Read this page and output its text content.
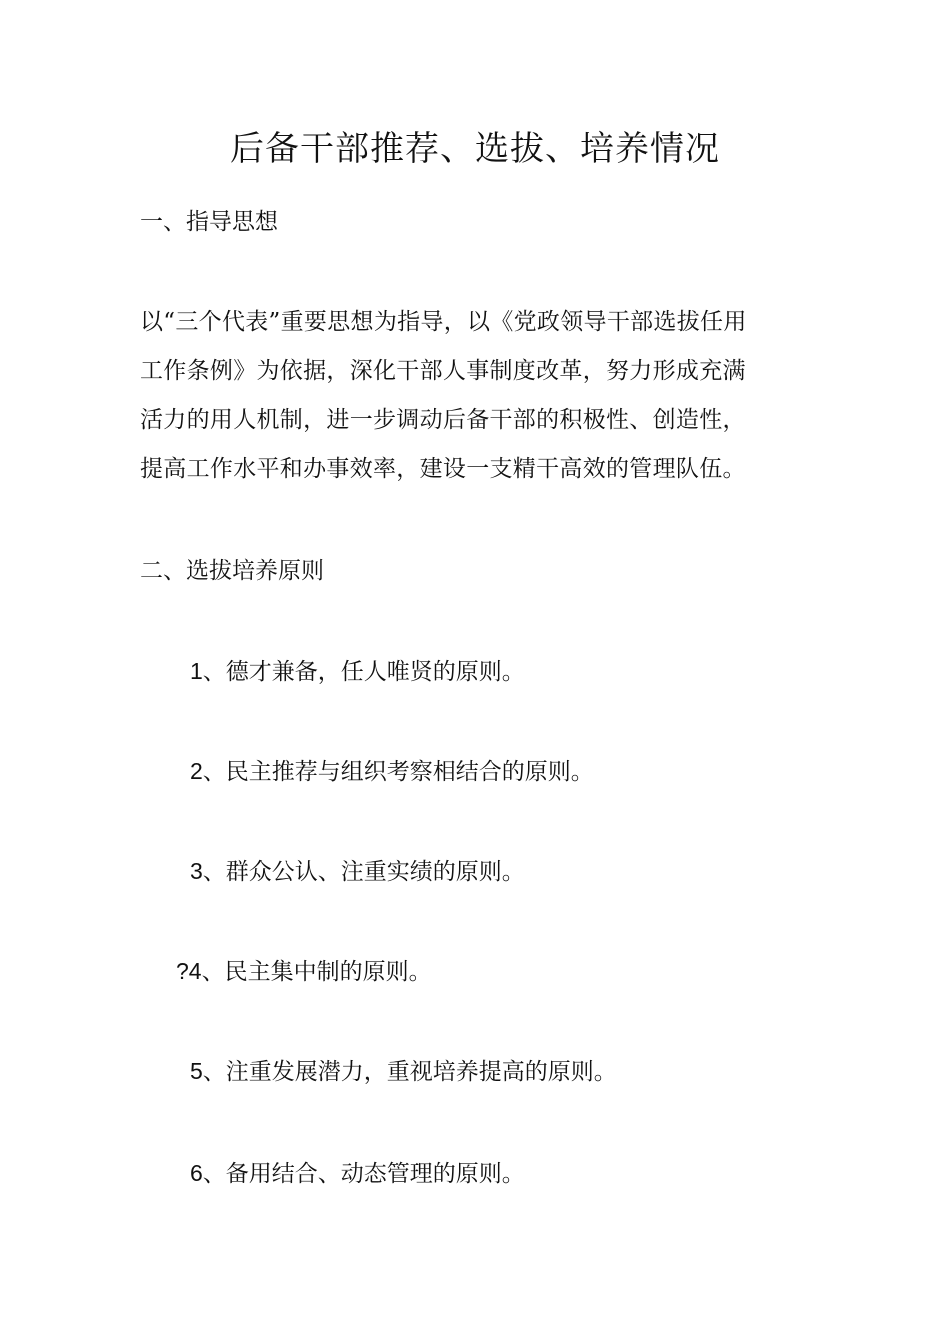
后备干部推荐、选拔、培养情况
一、指导思想
以“三个代表”重要思想为指导，以《党政领导干部选拔任用
工作条例》为依据，深化干部人事制度改革，努力形成充满
活力的用人机制，进一步调动后备干部的积极性、创造性，
提高工作水平和办事效率，建设一支精干高效的管理队伍。
二、选拔培养原则
1、德才兼备，任人唯贤的原则。
2、民主推荐与组织考察相结合的原则。
3、群众公认、注重实绩的原则。
?4、民主集中制的原则。
5、注重发展潜力，重视培养提高的原则。
6、备用结合、动态管理的原则。
